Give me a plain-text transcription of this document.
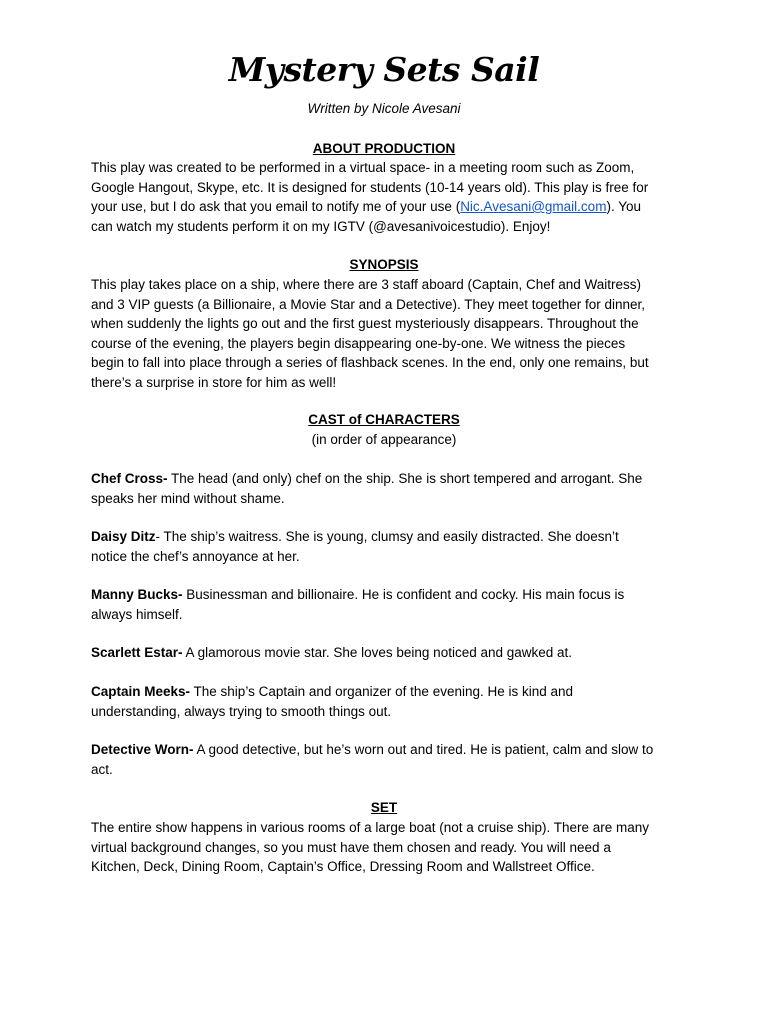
Mystery Sets Sail
Written by Nicole Avesani
ABOUT PRODUCTION

This play was created to be performed in a virtual space- in a meeting room such as Zoom,

Google Hangout, Skype, etc. It is designed for students (10-14 years old). This play is free for

your use, but I do ask that you email to notify me of your use (Nic.Avesani@gmail.com). You

can watch my students perform it on my IGTV (@avesanivoicestudio). Enjoy!

SYNOPSIS

This play takes place on a ship, where there are 3 staff aboard (Captain, Chef and Waitress)

and 3 VIP guests (a Billionaire, a Movie Star and a Detective). They meet together for dinner,

when suddenly the lights go out and the first guest mysteriously disappears. Throughout the

course of the evening, the players begin disappearing one-by-one. We witness the pieces

begin to fall into place through a series of flashback scenes. In the end, only one remains, but

there’s a surprise in store for him as well!

CAST of CHARACTERS
(in order of appearance)

Chef Cross- The head (and only) chef on the ship. She is short tempered and arrogant. She

speaks her mind without shame.

Daisy Ditz- The ship’s waitress. She is young, clumsy and easily distracted. She doesn’t

notice the chef’s annoyance at her.

Manny Bucks- Businessman and billionaire. He is confident and cocky. His main focus is

always himself.

Scarlett Estar- A glamorous movie star. She loves being noticed and gawked at.

Captain Meeks- The ship’s Captain and organizer of the evening. He is kind and

understanding, always trying to smooth things out.

Detective Worn- A good detective, but he’s worn out and tired. He is patient, calm and slow to

act.

SET

The entire show happens in various rooms of a large boat (not a cruise ship). There are many

virtual background changes, so you must have them chosen and ready. You will need a

Kitchen, Deck, Dining Room, Captain’s Office, Dressing Room and Wallstreet Office.
